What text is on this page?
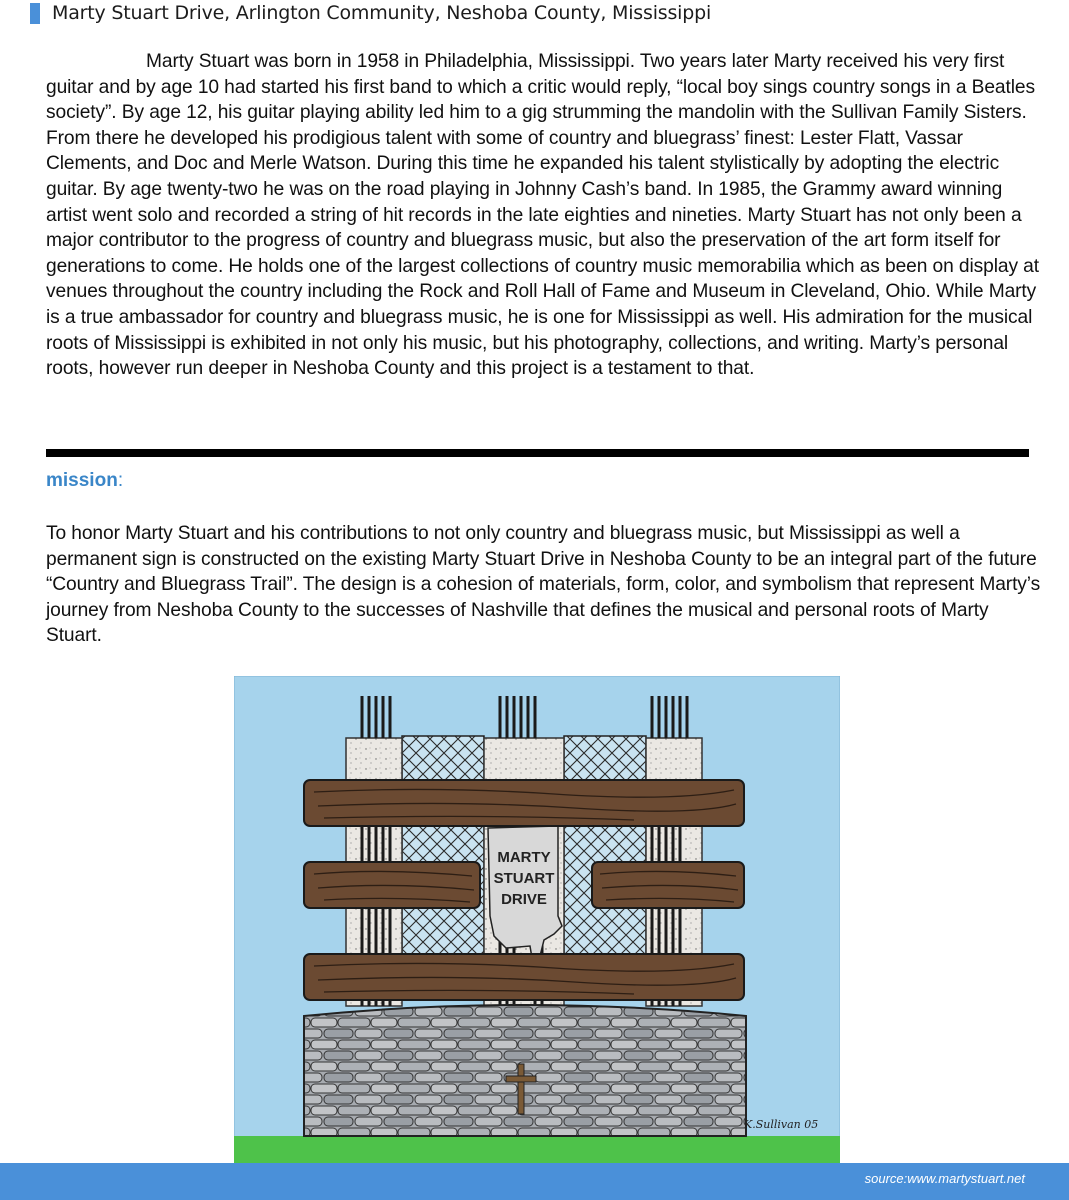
Marty Stuart Drive, Arlington Community, Neshoba County, Mississippi

Marty Stuart was born in 1958 in Philadelphia, Mississippi. Two years later Marty received his very first guitar and by age 10 had started his first band to which a critic would reply, “local boy sings country songs in a Beatles society”. By age 12, his guitar playing ability led him to a gig strumming the mandolin with the Sullivan Family Sisters. From there he developed his prodigious talent with some of country and bluegrass’ finest: Lester Flatt, Vassar Clements, and Doc and Merle Watson. During this time he expanded his talent stylistically by adopting the electric guitar. By age twenty-two he was on the road playing in Johnny Cash’s band. In 1985, the Grammy award winning artist went solo and recorded a string of hit records in the late eighties and nineties. Marty Stuart has not only been a major contributor to the progress of country and bluegrass music, but also the preservation of the art form itself for generations to come. He holds one of the largest collections of country music memorabilia which as been on display at venues throughout the country including the Rock and Roll Hall of Fame and Museum in Cleveland, Ohio. While Marty is a true ambassador for country and bluegrass music, he is one for Mississippi as well. His admiration for the musical roots of Mississippi is exhibited in not only his music, but his photography, collections, and writing. Marty’s personal roots, however run deeper in Neshoba County and this project is a testament to that.

mission:

To honor Marty Stuart and his contributions to not only country and bluegrass music, but Mississippi as well a permanent sign is constructed on the existing Marty Stuart Drive in Neshoba County to be an integral part of the future “Country and Bluegrass Trail”. The design is a cohesion of materials, form, color, and symbolism that represent Marty’s journey from Neshoba County to the successes of Nashville that defines the musical and personal roots of Marty Stuart.

MARTY
STUART
DRIVE
K.Sullivan 05
source:www.martystuart.net
